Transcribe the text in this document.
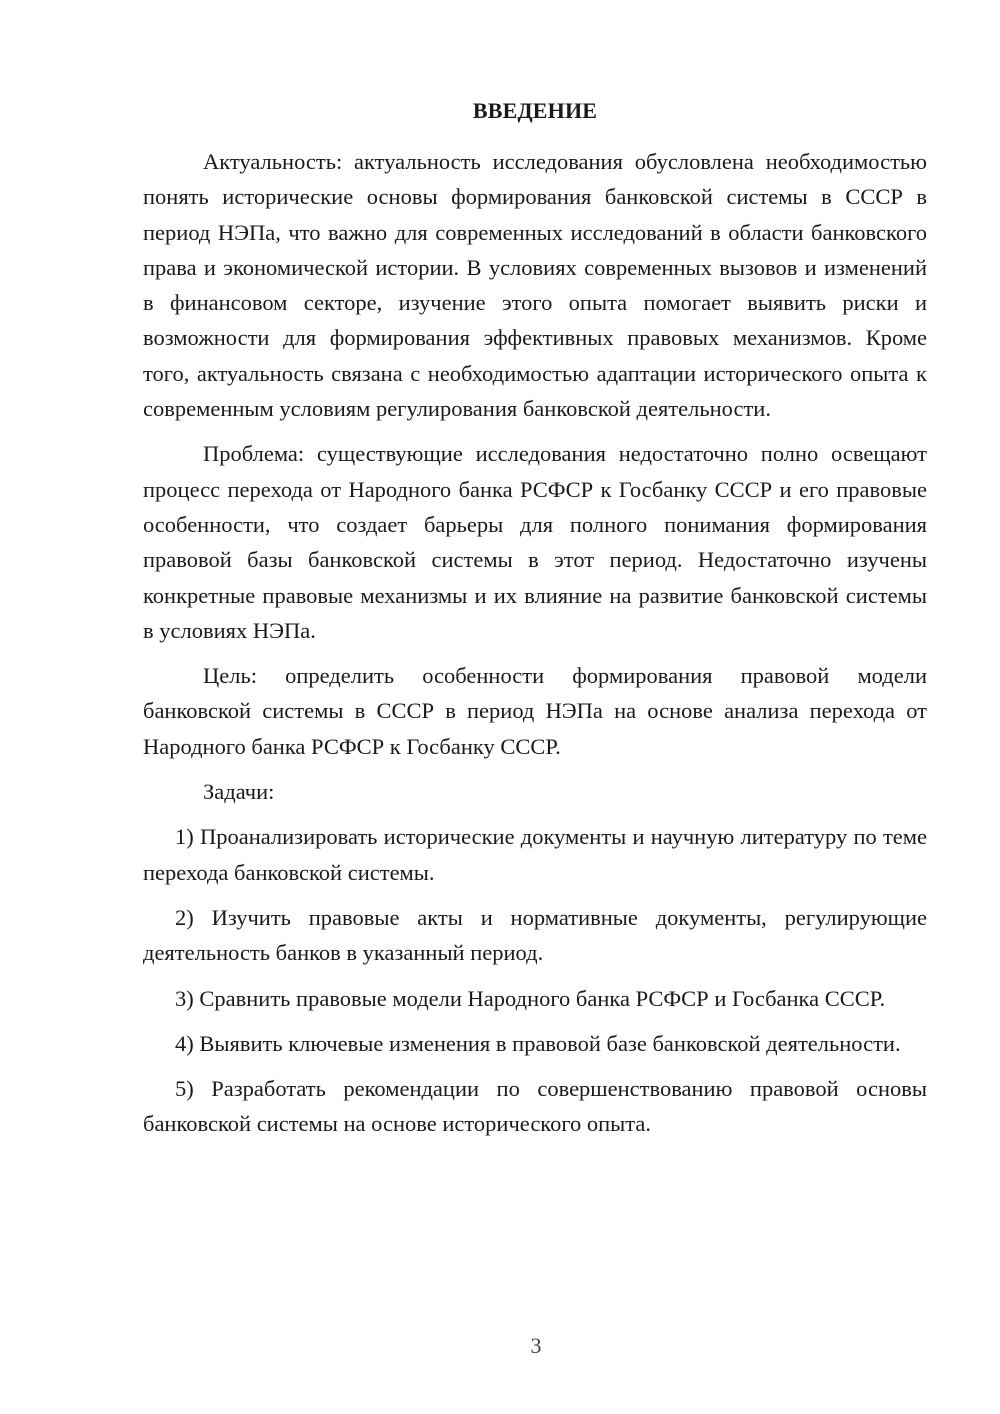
ВВЕДЕНИЕ

Актуальность: актуальность исследования обусловлена необходимостью понять исторические основы формирования банковской системы в СССР в период НЭПа, что важно для современных исследований в области банковского права и экономической истории. В условиях современных вызовов и изменений в финансовом секторе, изучение этого опыта помогает выявить риски и возможности для формирования эффективных правовых механизмов. Кроме того, актуальность связана с необходимостью адаптации исторического опыта к современным условиям регулирования банковской деятельности.

Проблема: существующие исследования недостаточно полно освещают процесс перехода от Народного банка РСФСР к Госбанку СССР и его правовые особенности, что создает барьеры для полного понимания формирования правовой базы банковской системы в этот период. Недостаточно изучены конкретные правовые механизмы и их влияние на развитие банковской системы в условиях НЭПа.

Цель: определить особенности формирования правовой модели банковской системы в СССР в период НЭПа на основе анализа перехода от Народного банка РСФСР к Госбанку СССР.

Задачи:

1) Проанализировать исторические документы и научную литературу по теме перехода банковской системы.
2) Изучить правовые акты и нормативные документы, регулирующие деятельность банков в указанный период.
3) Сравнить правовые модели Народного банка РСФСР и Госбанка СССР.
4) Выявить ключевые изменения в правовой базе банковской деятельности.
5) Разработать рекомендации по совершенствованию правовой основы банковской системы на основе исторического опыта.
3
